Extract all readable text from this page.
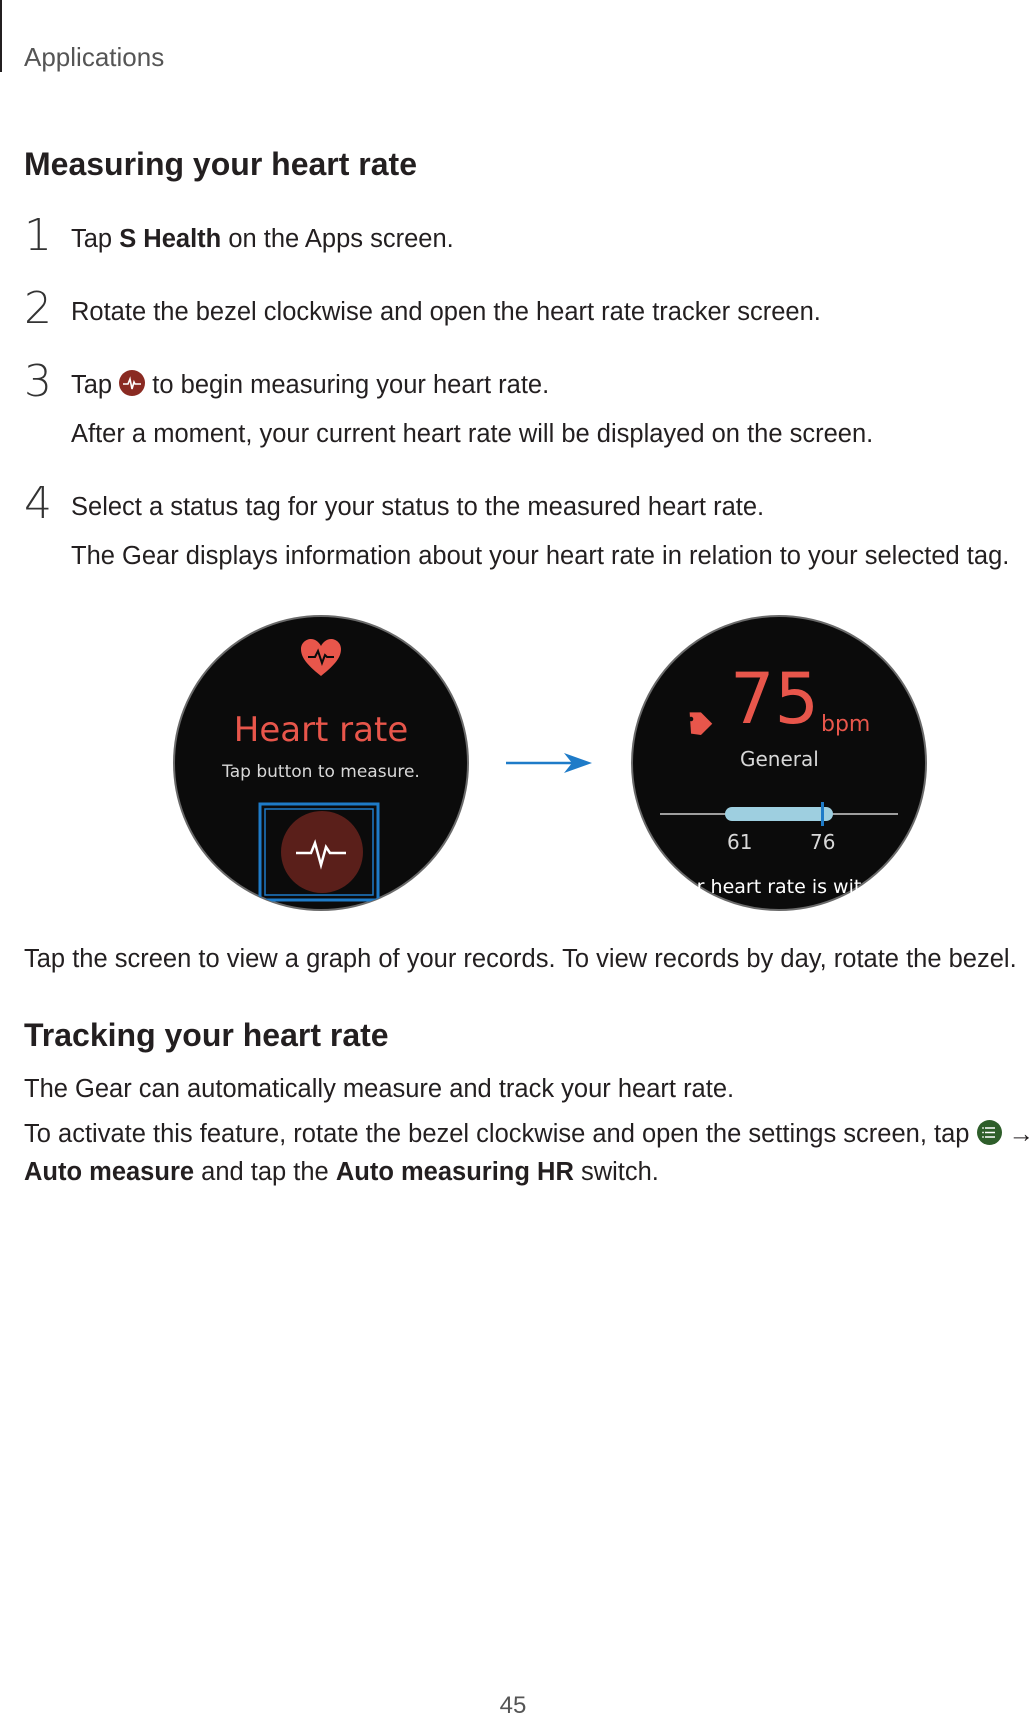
Applications
Measuring your heart rate
1 Tap S Health on the Apps screen.
2 Rotate the bezel clockwise and open the heart rate tracker screen.
3 Tap
to begin measuring your heart rate.
After a moment, your current heart rate will be displayed on the screen.
4 Select a status tag for your status to the measured heart rate.
The Gear displays information about your heart rate in relation to your selected tag.
Heart rate
Tap button to measure.
75 bpm
General
61	76
r heart rate is wit
Tap the screen to view a graph of your records. To view records by day, rotate the bezel.
Tracking your heart rate
The Gear can automatically measure and track your heart rate.
To activate this feature, rotate the bezel clockwise and open the settings screen, tap
→
Auto measure and tap the Auto measuring HR switch.
45
